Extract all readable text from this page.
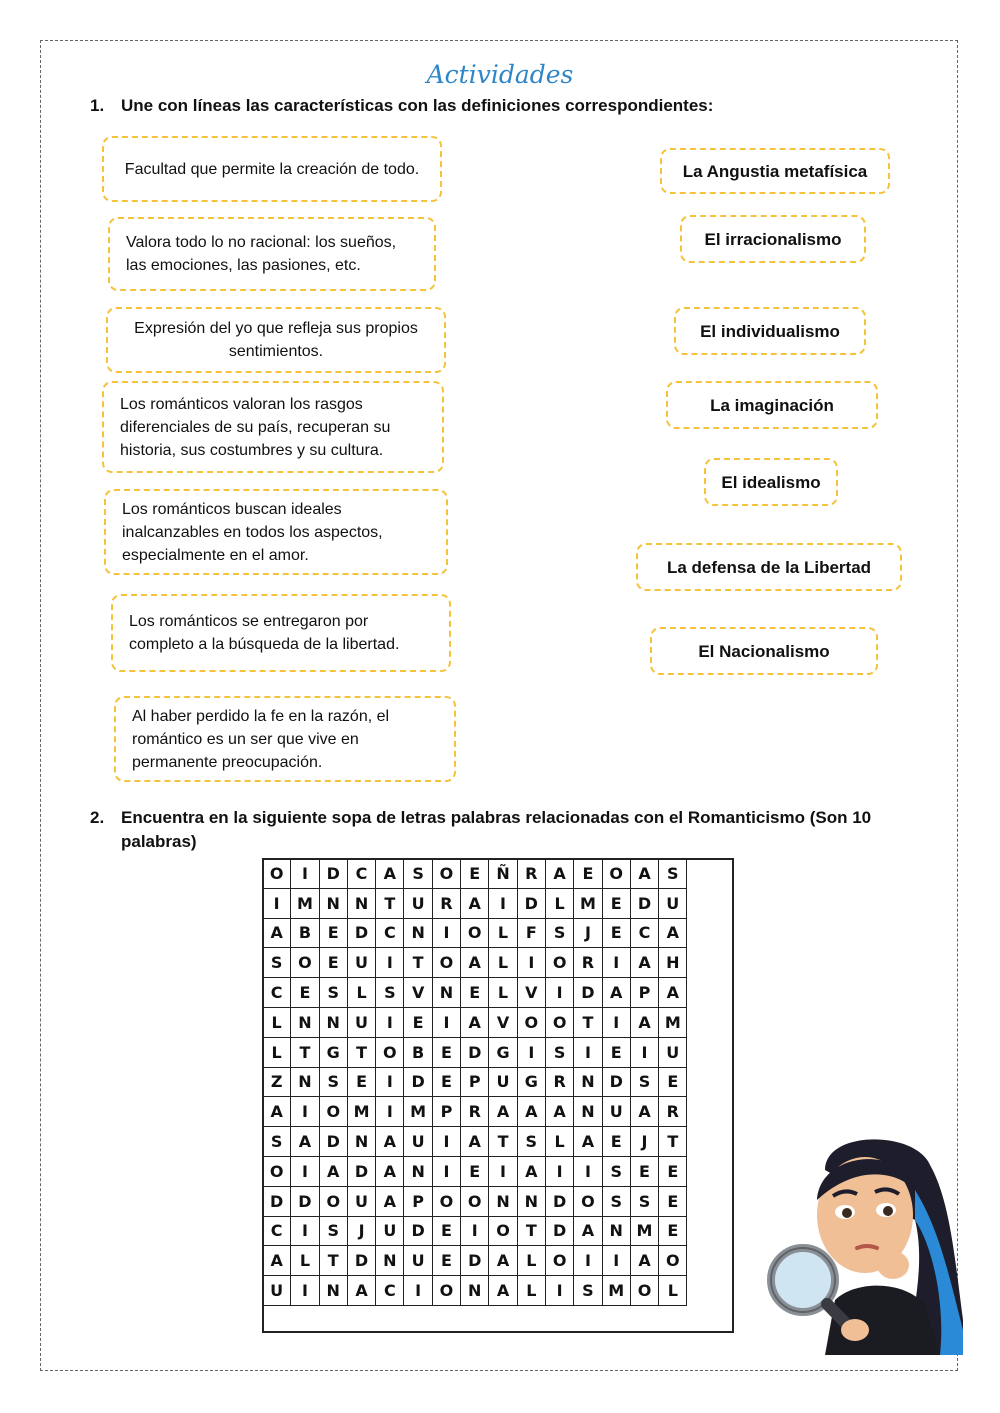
Actividades
1. Une con líneas las características con las definiciones correspondientes:
Facultad que permite la creación de todo.
Valora todo lo no racional: los sueños, las emociones, las pasiones, etc.
Expresión del yo que refleja sus propios sentimientos.
Los románticos valoran los rasgos diferenciales de su país, recuperan su historia, sus costumbres y su cultura.
Los románticos buscan ideales inalcanzables en todos los aspectos, especialmente en el amor.
Los románticos se entregaron por completo a la búsqueda de la libertad.
Al haber perdido la fe en la razón, el romántico es un ser que vive en permanente preocupación.
La Angustia metafísica
El irracionalismo
El individualismo
La imaginación
El idealismo
La defensa de la Libertad
El Nacionalismo
2. Encuentra en la siguiente sopa de letras palabras relacionadas con el Romanticismo (Son 10 palabras)
O	I	D	C	A	S	O	E	Ñ	R	A	E	O	A	S
I	M	N	N	T	U	R	A	I	D	L	M	E	D	U
A	B	E	D	C	N	I	O	L	F	S	J	E	C	A
S	O	E	U	I	T	O	A	L	I	O	R	I	A	H
C	E	S	L	S	V	N	E	L	V	I	D	A	P	A
L	N	N	U	I	E	I	A	V	O	O	T	I	A	M
L	T	G	T	O	B	E	D	G	I	S	I	E	I	U
Z	N	S	E	I	D	E	P	U	G	R	N	D	S	E
A	I	O	M	I	M	P	R	A	A	A	N	U	A	R
S	A	D	N	A	U	I	A	T	S	L	A	E	J	T
O	I	A	D	A	N	I	E	I	A	I	I	S	E	E
D	D	O	U	A	P	O	O	N	N	D	O	S	S	E
C	I	S	J	U	D	E	I	O	T	D	A	N	M	E
A	L	T	D	N	U	E	D	A	L	O	I	I	A	O
U	I	N	A	C	I	O	N	A	L	I	S	M	O	L
